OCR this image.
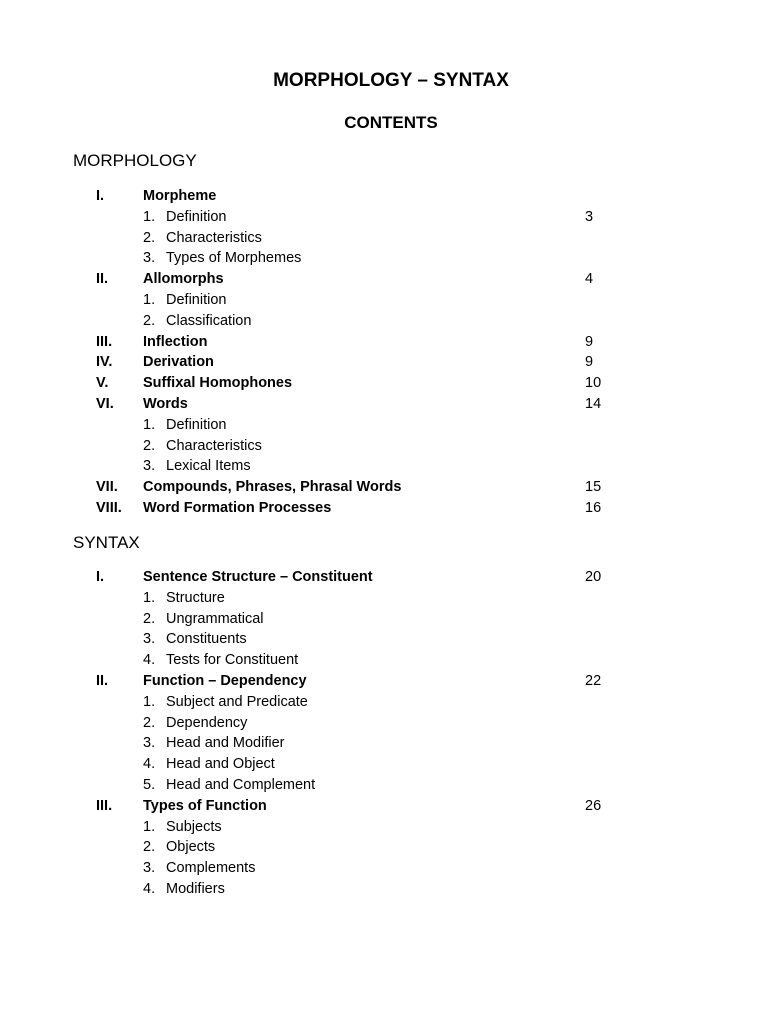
MORPHOLOGY – SYNTAX
CONTENTS
MORPHOLOGY
I.	Morpheme
1. Definition	3
2. Characteristics
3. Types of Morphemes
II. Allomorphs	4
1. Definition
2. Classification
III. Inflection	9
IV. Derivation	9
V. Suffixal Homophones	10
VI. Words	14
1. Definition
2. Characteristics
3. Lexical Items
VII. Compounds, Phrases, Phrasal Words	15
VIII. Word Formation Processes	16
SYNTAX
I.	Sentence Structure – Constituent	20
1. Structure
2. Ungrammatical
3. Constituents
4. Tests for Constituent
II. Function – Dependency	22
1. Subject and Predicate
2. Dependency
3. Head and Modifier
4. Head and Object
5. Head and Complement
III. Types of Function	26
1. Subjects
2. Objects
3. Complements
4. Modifiers
